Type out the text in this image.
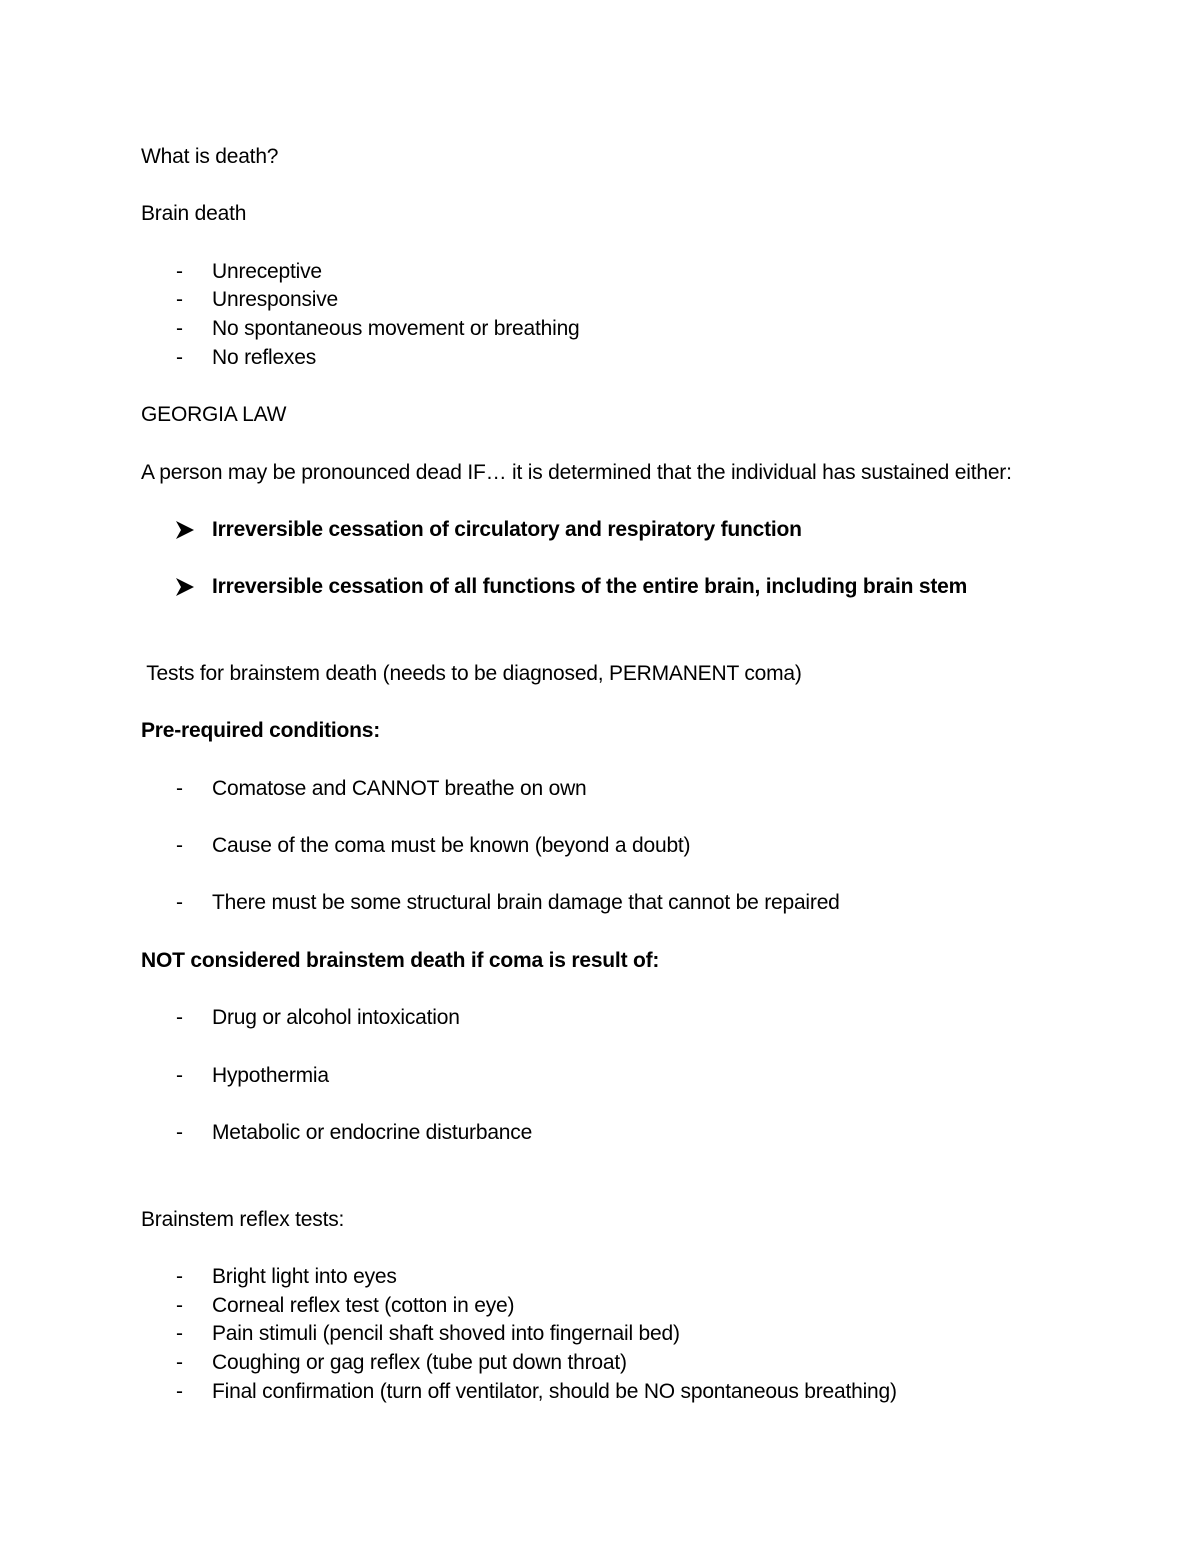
What is death?
Brain death
- Unreceptive
- Unresponsive
- No spontaneous movement or breathing
- No reflexes
GEORGIA LAW
A person may be pronounced dead IF… it is determined that the individual has sustained either:
Irreversible cessation of circulatory and respiratory function
Irreversible cessation of all functions of the entire brain, including brain stem
Tests for brainstem death (needs to be diagnosed, PERMANENT coma)
Pre-required conditions:
- Comatose and CANNOT breathe on own
- Cause of the coma must be known (beyond a doubt)
- There must be some structural brain damage that cannot be repaired
NOT considered brainstem death if coma is result of:
- Drug or alcohol intoxication
- Hypothermia
- Metabolic or endocrine disturbance
Brainstem reflex tests:
- Bright light into eyes
- Corneal reflex test (cotton in eye)
- Pain stimuli (pencil shaft shoved into fingernail bed)
- Coughing or gag reflex (tube put down throat)
- Final confirmation (turn off ventilator, should be NO spontaneous breathing)
